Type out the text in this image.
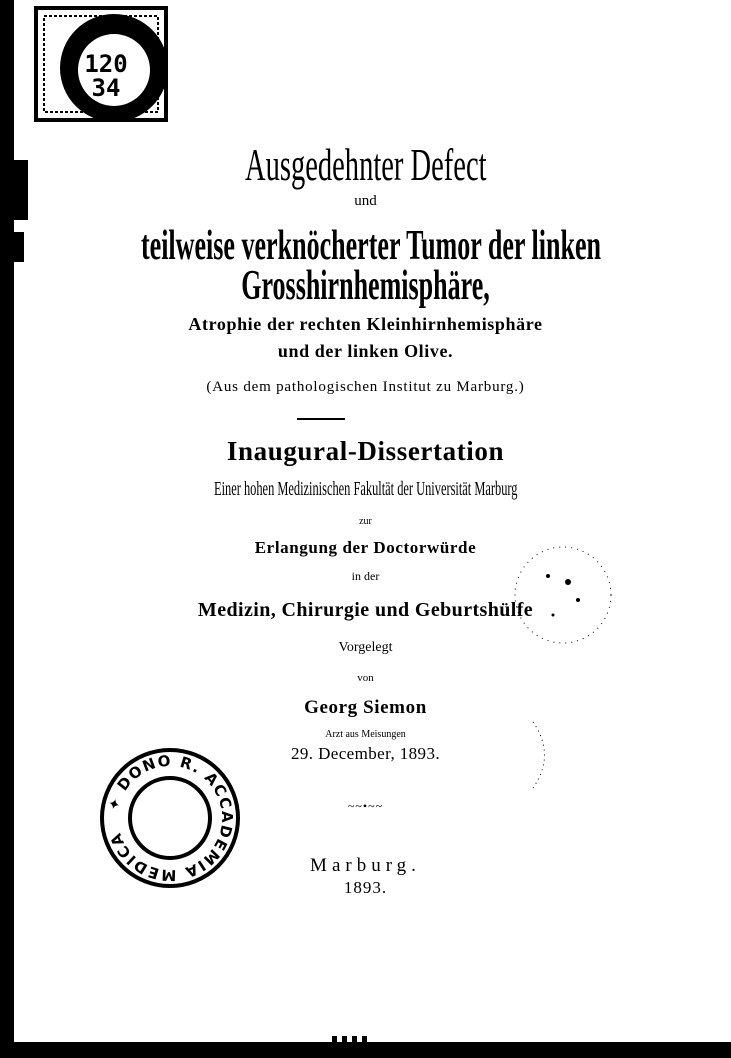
120
34
Ausgedehnter Defect
und
teilweise verknöcherter Tumor der linken
Grosshirnhemisphäre,
Atrophie der rechten Kleinhirnhemisphäre
und der linken Olive.
(Aus dem pathologischen Institut zu Marburg.)
Inaugural-Dissertation
Einer hohen Medizinischen Fakultät der Universität Marburg
zur
Erlangung der Doctorwürde
in der
Medizin, Chirurgie und Geburtshülfe
Vorgelegt
von
Georg Siemon
Arzt aus Meisungen
29. December, 1893.
~~•~~
Marburg.
1893.
✦ DONO R. ACCADEMIA MEDICA
